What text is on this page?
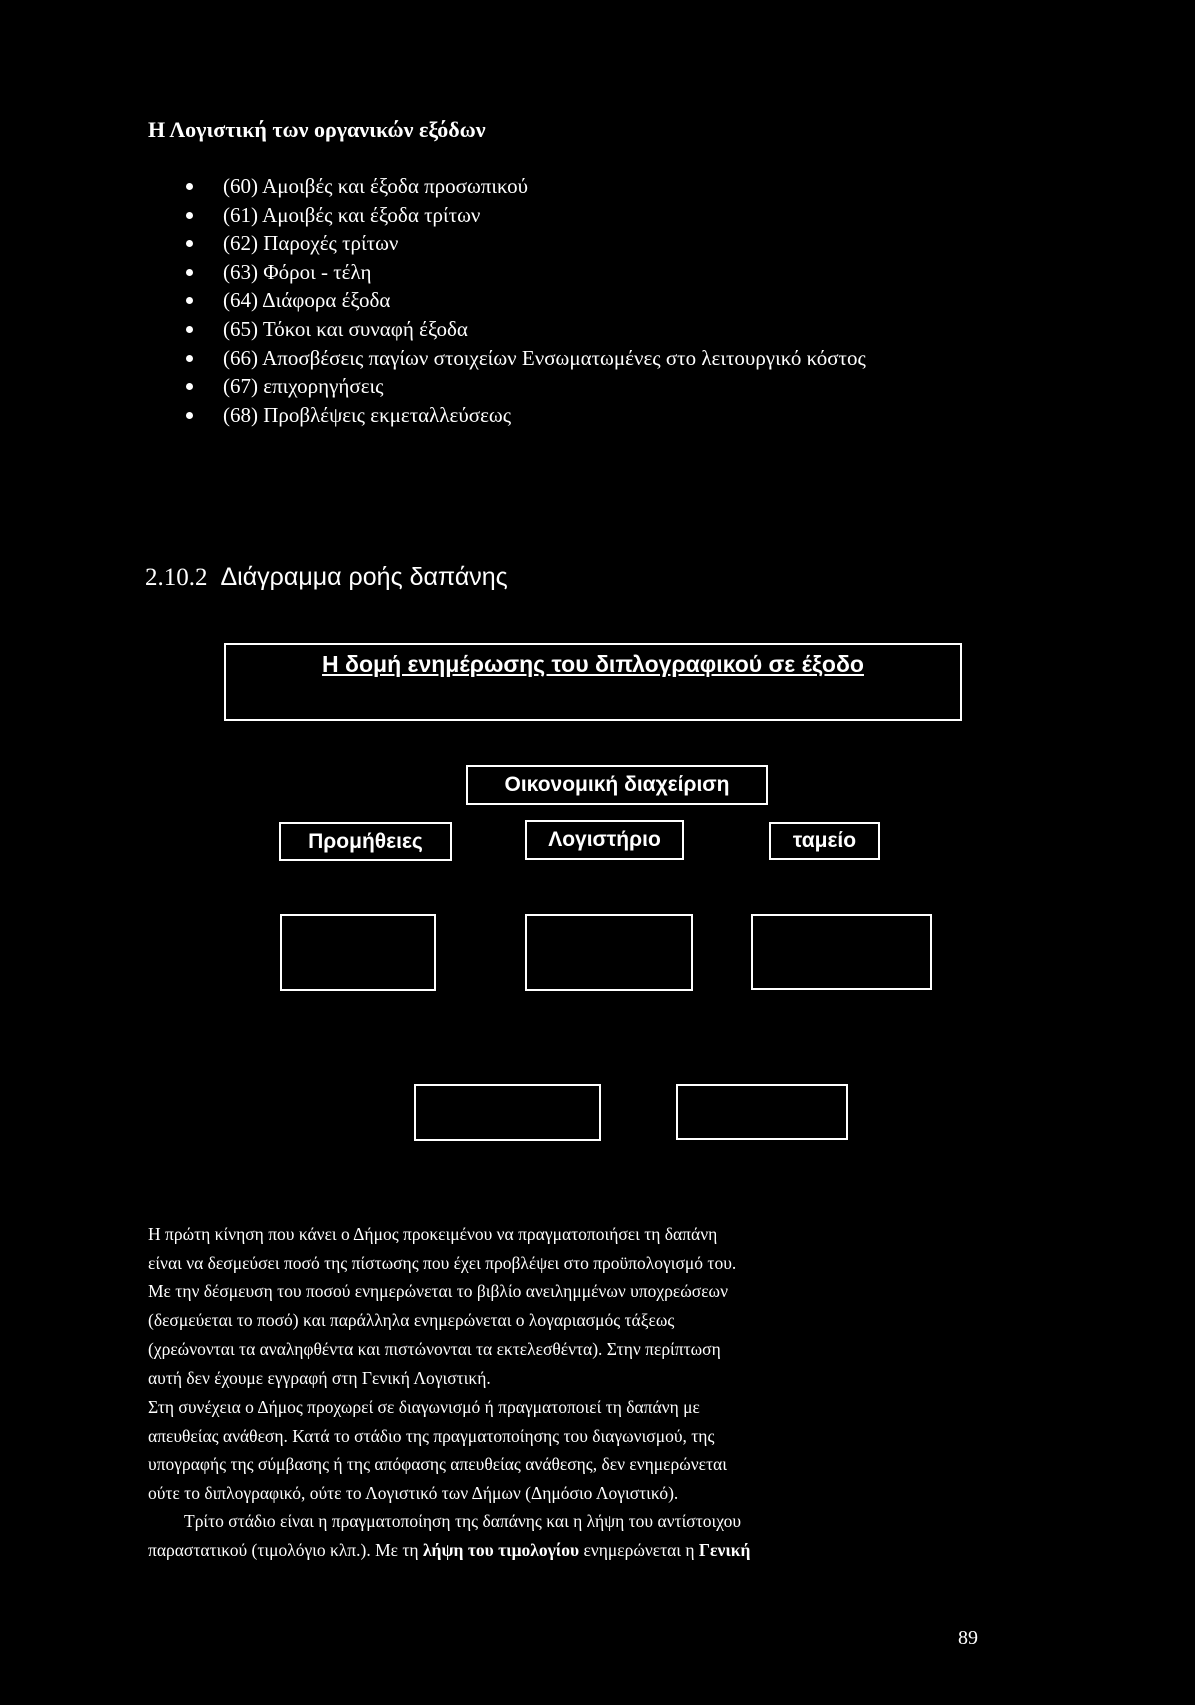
Η Λογιστική των οργανικών εξόδων
(60) Αμοιβές και έξοδα προσωπικού
(61) Αμοιβές και έξοδα τρίτων
(62) Παροχές τρίτων
(63) Φόροι - τέλη
(64) Διάφορα έξοδα
(65) Τόκοι και συναφή έξοδα
(66) Αποσβέσεις παγίων στοιχείων Ενσωματωμένες στο λειτουργικό κόστος
(67) επιχορηγήσεις
(68) Προβλέψεις εκμεταλλεύσεως
2.10.2 Διάγραμμα ροής δαπάνης
Η δομή ενημέρωσης του διπλογραφικού σε έξοδο
Οικονομική διαχείριση
Προμήθειες	Λογιστήριο	ταμείο
Η πρώτη κίνηση που κάνει ο Δήμος προκειμένου να πραγματοποιήσει τη δαπάνη
είναι να δεσμεύσει ποσό της πίστωσης που έχει προβλέψει στο προϋπολογισμό του.
Με την δέσμευση του ποσού ενημερώνεται το βιβλίο ανειλημμένων υποχρεώσεων
(δεσμεύεται το ποσό) και παράλληλα ενημερώνεται ο λογαριασμός τάξεως
(χρεώνονται τα αναληφθέντα και πιστώνονται τα εκτελεσθέντα). Στην περίπτωση
αυτή δεν έχουμε εγγραφή στη Γενική Λογιστική.
Στη συνέχεια ο Δήμος προχωρεί σε διαγωνισμό ή πραγματοποιεί τη δαπάνη με
απευθείας ανάθεση. Κατά το στάδιο της πραγματοποίησης του διαγωνισμού, της
υπογραφής της σύμβασης ή της απόφασης απευθείας ανάθεσης, δεν ενημερώνεται
ούτε το διπλογραφικό, ούτε το Λογιστικό των Δήμων (Δημόσιο Λογιστικό).
Τρίτο στάδιο είναι η πραγματοποίηση της δαπάνης και η λήψη του αντίστοιχου
παραστατικού (τιμολόγιο κλπ.). Με τη λήψη του τιμολογίου ενημερώνεται η Γενική
89
